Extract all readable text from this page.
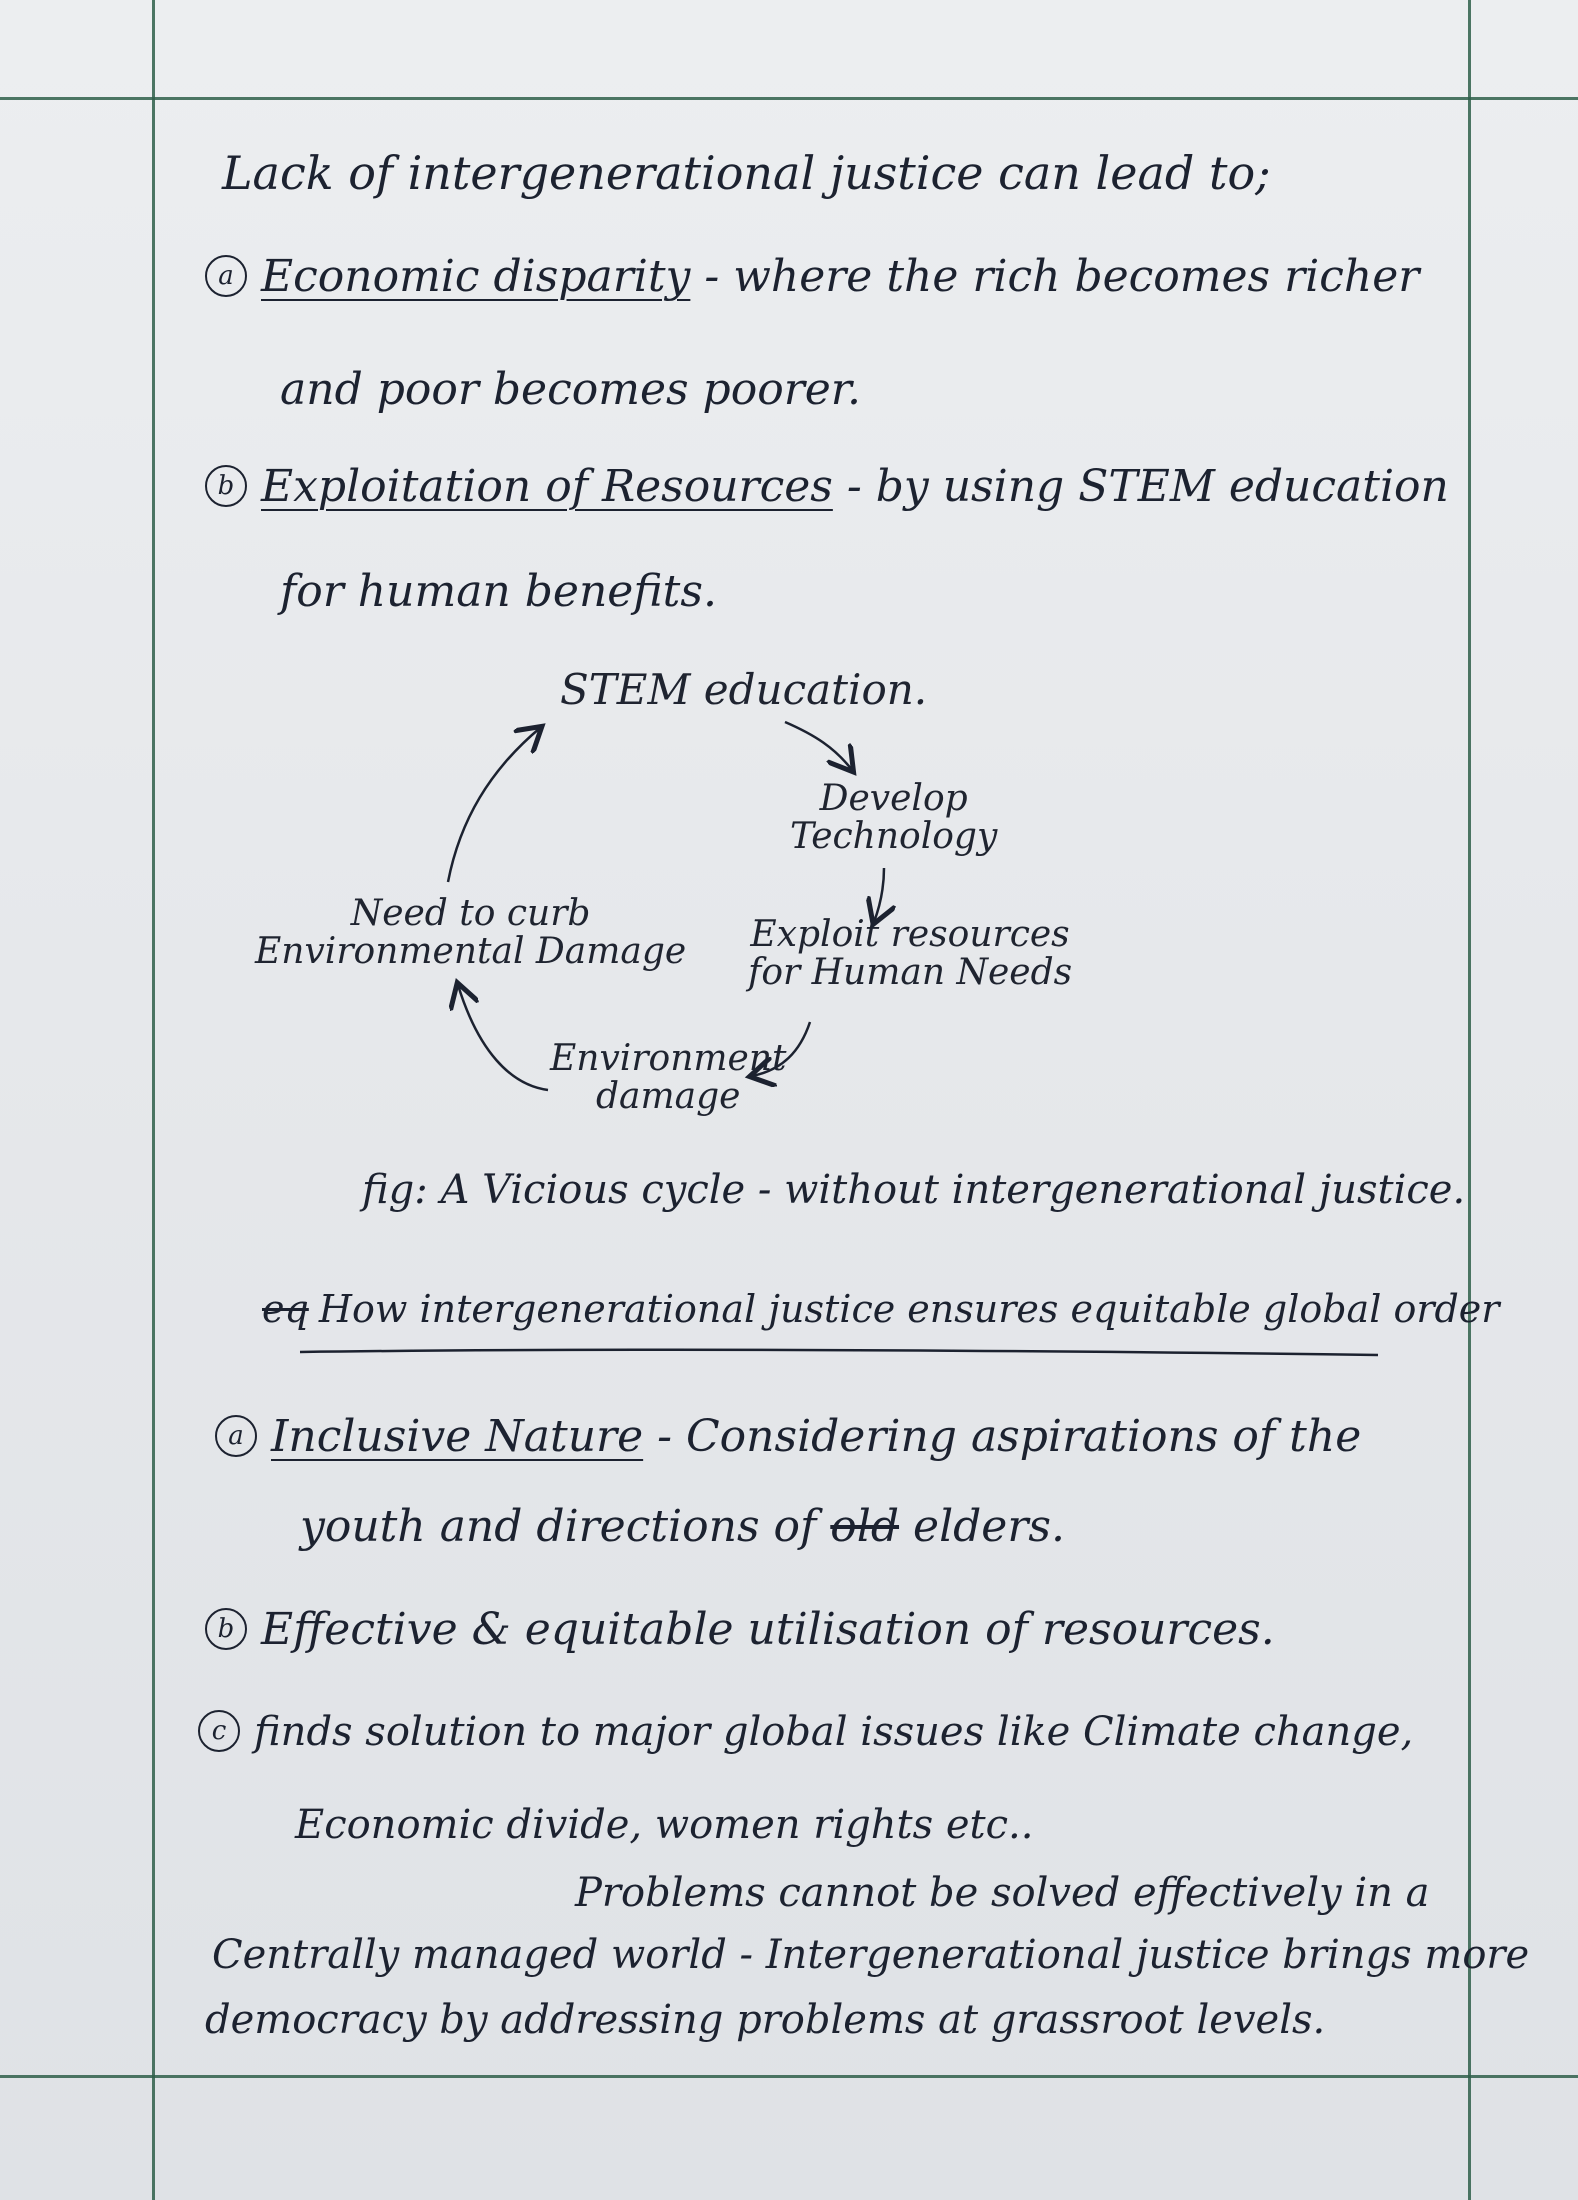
Lack of intergenerational justice can lead to;
a Economic disparity - where the rich becomes richer
and poor becomes poorer.
b Exploitation of Resources - by using STEM education
for human benefits.
STEM education.
Develop
Technology
Exploit resources
for Human Needs
Environment
damage
Need to curb
Environmental Damage
fig: A Vicious cycle - without intergenerational justice.
eq How intergenerational justice ensures equitable global order
a Inclusive Nature - Considering aspirations of the
youth and directions of old elders.
b Effective & equitable utilisation of resources.
c finds solution to major global issues like Climate change,
Economic divide, women rights etc..
Problems cannot be solved effectively in a
Centrally managed world - Intergenerational justice brings more
democracy by addressing problems at grassroot levels.
